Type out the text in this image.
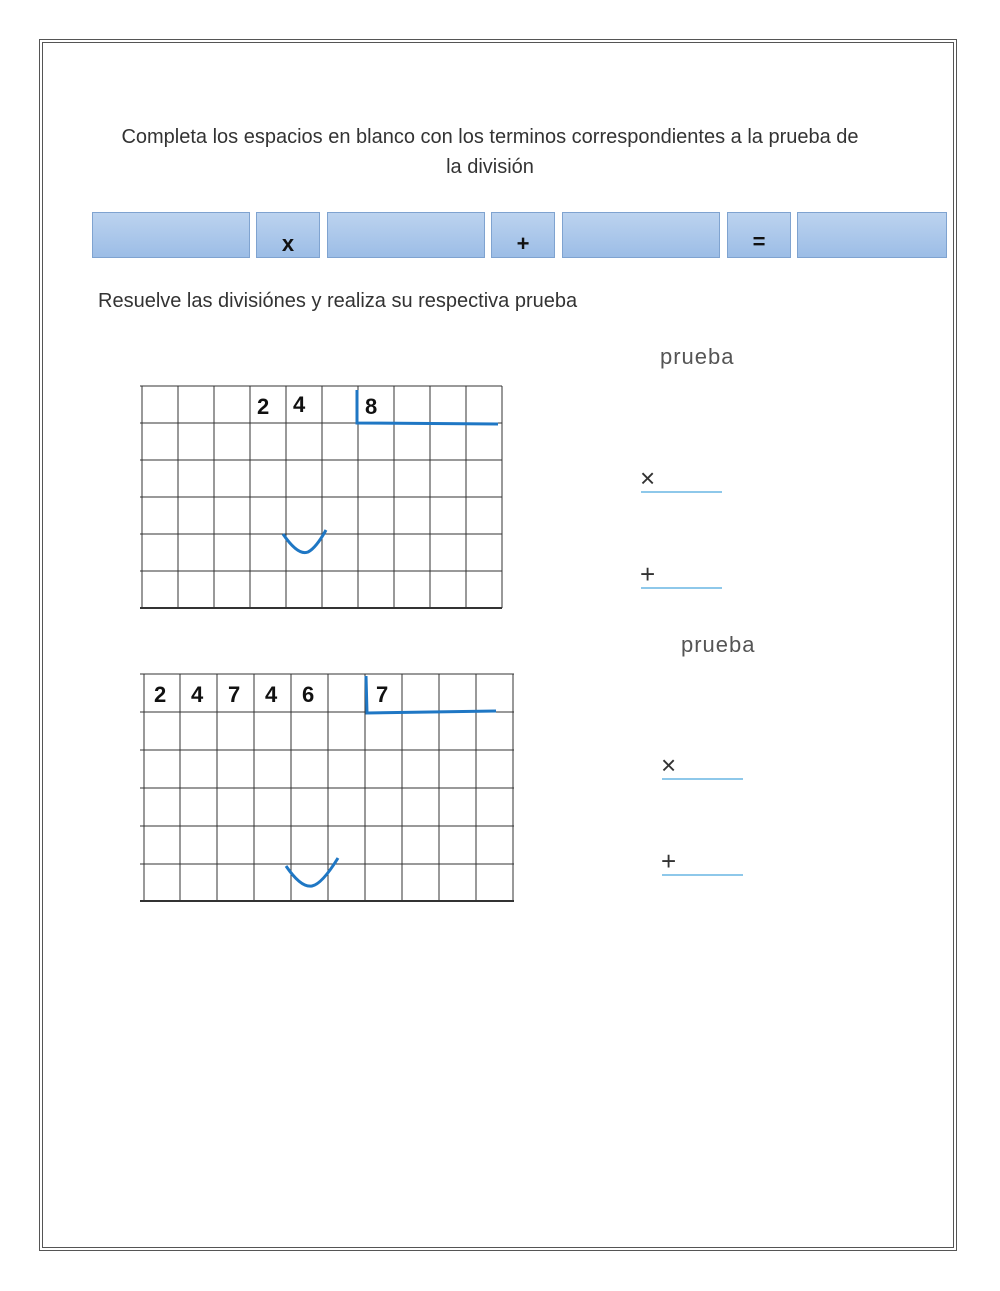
Completa los espacios en blanco con los terminos correspondientes a la prueba de
la división
x	+	=
Resuelve las divisiónes y realiza su respectiva prueba
2 4	8
prueba
×
+
2 4 7 4 6	7
prueba
×
+
